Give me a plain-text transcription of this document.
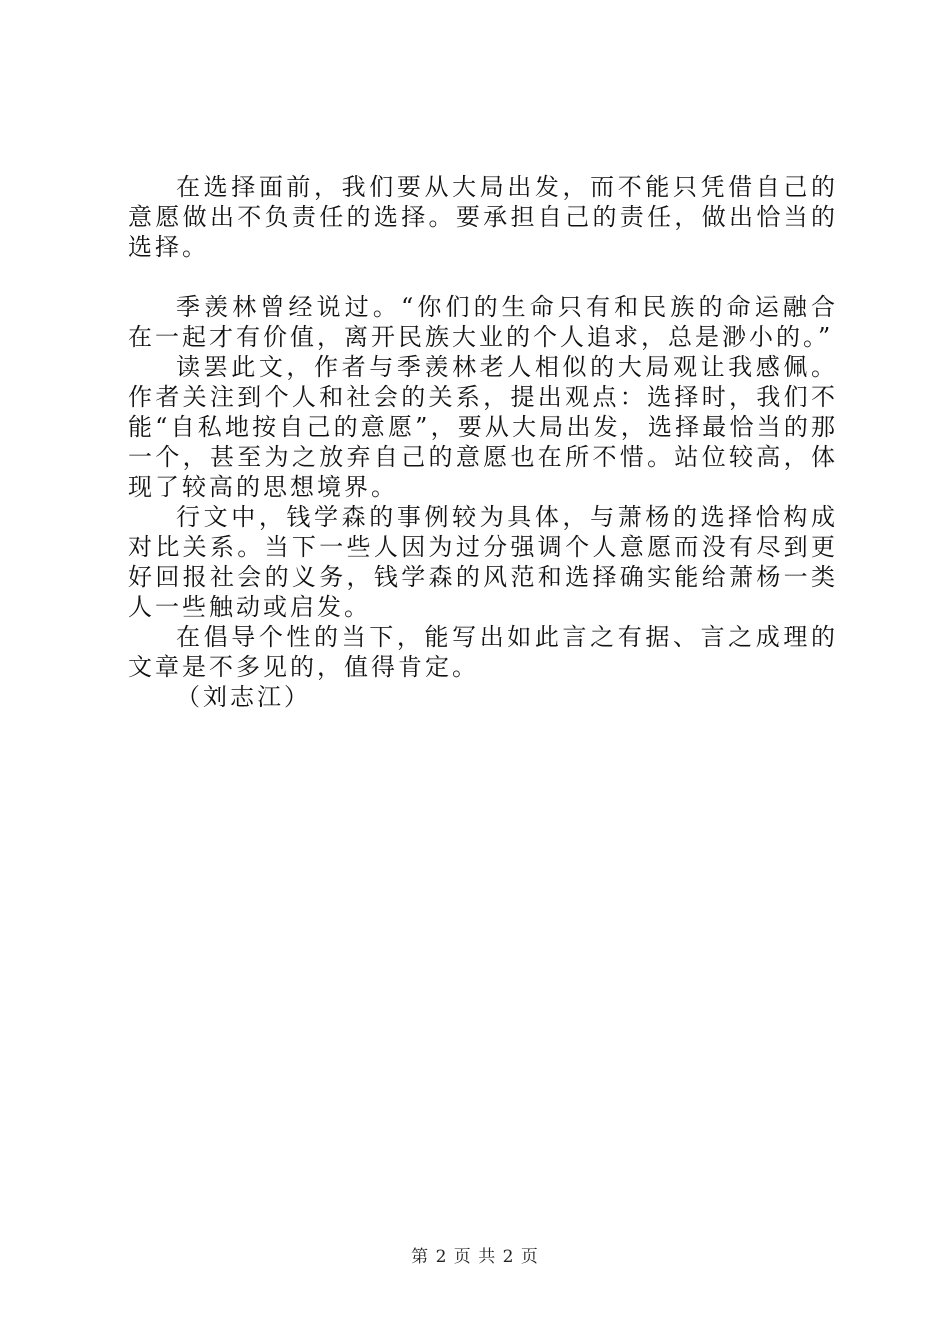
在选择面前，我们要从大局出发，而不能只凭借自己的意愿做出不负责任的选择。要承担自己的责任，做出恰当的选择。

季羡林曾经说过。“你们的生命只有和民族的命运融合在一起才有价值，离开民族大业的个人追求，总是渺小的。”

读罢此文，作者与季羡林老人相似的大局观让我感佩。作者关注到个人和社会的关系，提出观点：选择时，我们不能“自私地按自己的意愿”，要从大局出发，选择最恰当的那一个，甚至为之放弃自己的意愿也在所不惜。站位较高，体现了较高的思想境界。

行文中，钱学森的事例较为具体，与萧杨的选择恰构成对比关系。当下一些人因为过分强调个人意愿而没有尽到更好回报社会的义务，钱学森的风范和选择确实能给萧杨一类人一些触动或启发。

在倡导个性的当下，能写出如此言之有据、言之成理的文章是不多见的，值得肯定。

（刘志江）

第 2 页 共 2 页
